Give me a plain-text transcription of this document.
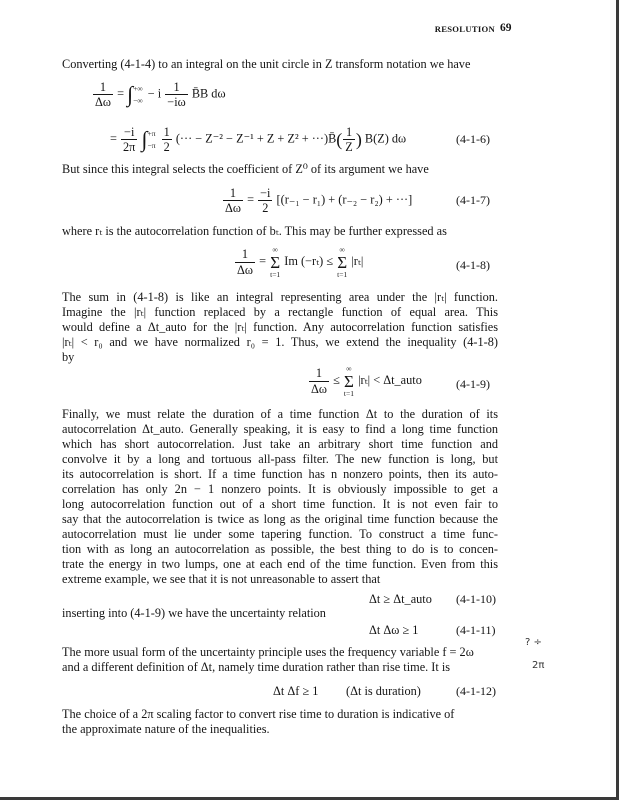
RESOLUTION 69
Converting (4-1-4) to an integral on the unit circle in Z transform notation we have
$\frac{1}{\Delta\omega}$ = ∫+∞
−∞ − i $\frac{1}{-i\omega}$ B̄B dω
= $\frac{-i}{2\pi} \int+\pi$
$-\pi \frac{1}{2}$ (··· − Z⁻² − Z⁻¹ + Z + Z² + ···)B̄( $\frac{1}{Z}$ ) B(Z) dω	(4-1-6)
But since this integral selects the coefficient of Z⁰ of its argument we have
$\frac{1}{\Delta\omega} = \frac{-i}{2} [(r_{-1} - r_1) + (r_{-2} - r_2)$ + ···]	(4-1-7)
where rₜ is the autocorrelation function of bₜ. This may be further expressed as
$\frac{1}{\Delta\omega}$ = ∞
Σ
t=1 Im (−rₜ) ≤ ∞
Σ
t=1 |rₜ|	(4-1-8)
The sum in (4-1-8) is like an integral representing area under the |rₜ| function.
Imagine the |rₜ| function replaced by a rectangle function of equal area. This
would define a Δt_auto for the |rₜ| function. Any autocorrelation function satisfies
|rₜ| < r₀ and we have normalized r₀ = 1. Thus, we extend the inequality (4-1-8)
by
$\frac{1}{\Delta\omega}$ ≤ ∞
Σ
t=1 |rₜ| < Δt_auto	(4-1-9)
Finally, we must relate the duration of a time function Δt to the duration of its
autocorrelation Δt_auto. Generally speaking, it is easy to find a long time function
which has short autocorrelation. Just take an arbitrary short time function and
convolve it by a long and tortuous all-pass filter. The new function is long, but
its autocorrelation is short. If a time function has n nonzero points, then its auto-
correlation has only 2n − 1 nonzero points. It is obviously impossible to get a
long autocorrelation function out of a short time function. It is not even fair to
say that the autocorrelation is twice as long as the original time function because the
autocorrelation must lie under some tapering function. To construct a time func-
tion with as long an autocorrelation as possible, the best thing to do is to concen-
trate the energy in two lumps, one at each end of the time function. Even from this
extreme example, we see that it is not unreasonable to assert that
Δt ≥ Δt_auto (4-1-10)
inserting into (4-1-9) we have the uncertainty relation
Δt Δω ≥ 1	(4-1-11)
The more usual form of the uncertainty principle uses the frequency variable f = 2ω
and a different definition of Δt, namely time duration rather than rise time. It is
? ÷
2π
Δt Δf ≥ 1 (Δt is duration)	(4-1-12)
The choice of a 2π scaling factor to convert rise time to duration is indicative of
the approximate nature of the inequalities.
